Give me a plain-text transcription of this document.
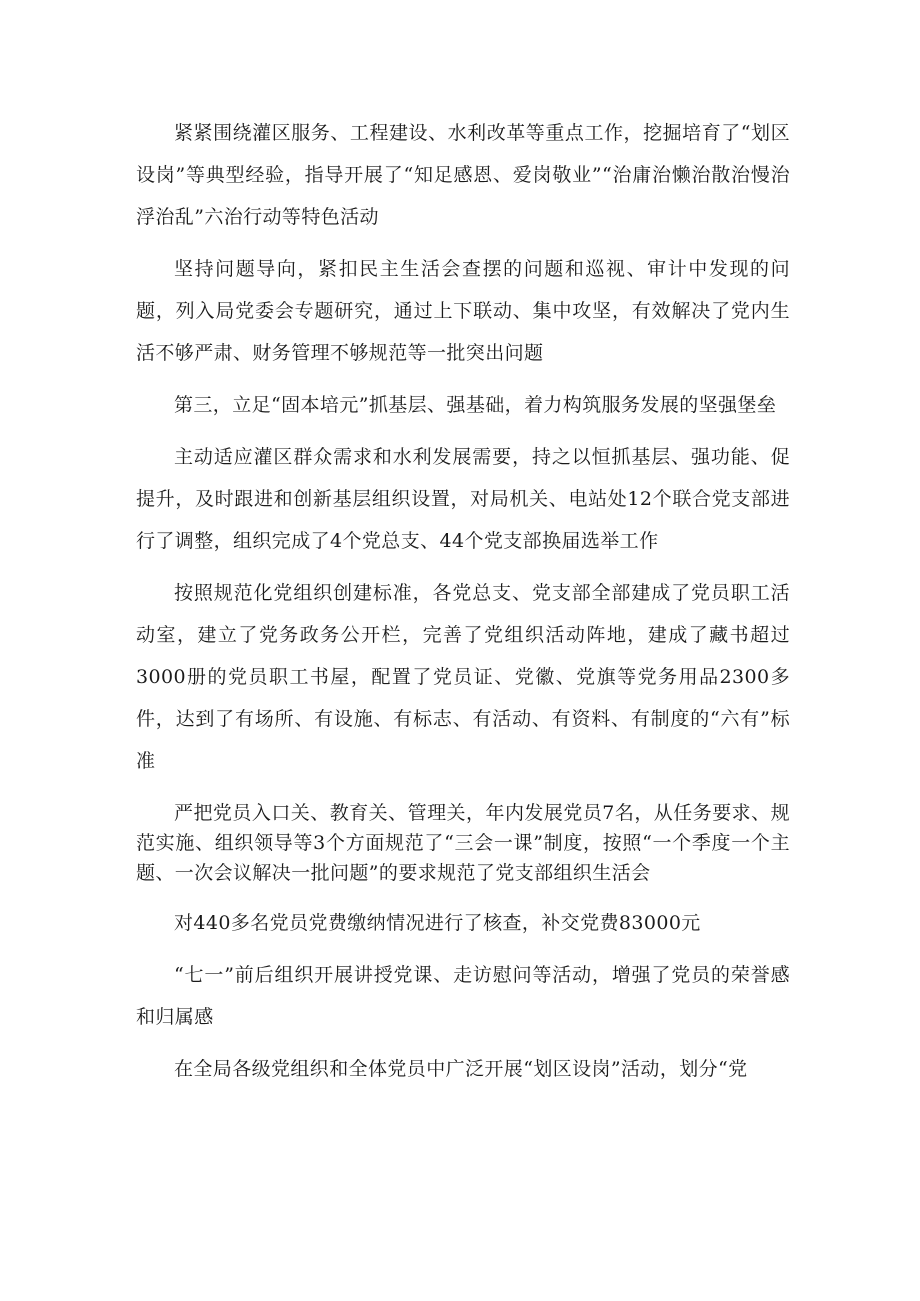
紧紧围绕灌区服务、工程建设、水利改革等重点工作，挖掘培育了“划区设岗”等典型经验，指导开展了“知足感恩、爱岗敬业”“治庸治懒治散治慢治浮治乱”六治行动等特色活动

坚持问题导向，紧扣民主生活会查摆的问题和巡视、审计中发现的问题，列入局党委会专题研究，通过上下联动、集中攻坚，有效解决了党内生活不够严肃、财务管理不够规范等一批突出问题

第三，立足“固本培元”抓基层、强基础，着力构筑服务发展的坚强堡垒

主动适应灌区群众需求和水利发展需要，持之以恒抓基层、强功能、促提升，及时跟进和创新基层组织设置，对局机关、电站处12个联合党支部进行了调整，组织完成了4个党总支、44个党支部换届选举工作

按照规范化党组织创建标准，各党总支、党支部全部建成了党员职工活动室，建立了党务政务公开栏，完善了党组织活动阵地，建成了藏书超过3000册的党员职工书屋，配置了党员证、党徽、党旗等党务用品2300多件，达到了有场所、有设施、有标志、有活动、有资料、有制度的“六有”标准

严把党员入口关、教育关、管理关，年内发展党员7名，从任务要求、规范实施、组织领导等3个方面规范了“三会一课”制度，按照“一个季度一个主题、一次会议解决一批问题”的要求规范了党支部组织生活会

对440多名党员党费缴纳情况进行了核查，补交党费83000元

“七一”前后组织开展讲授党课、走访慰问等活动，增强了党员的荣誉感和归属感

在全局各级党组织和全体党员中广泛开展“划区设岗”活动，划分“党
